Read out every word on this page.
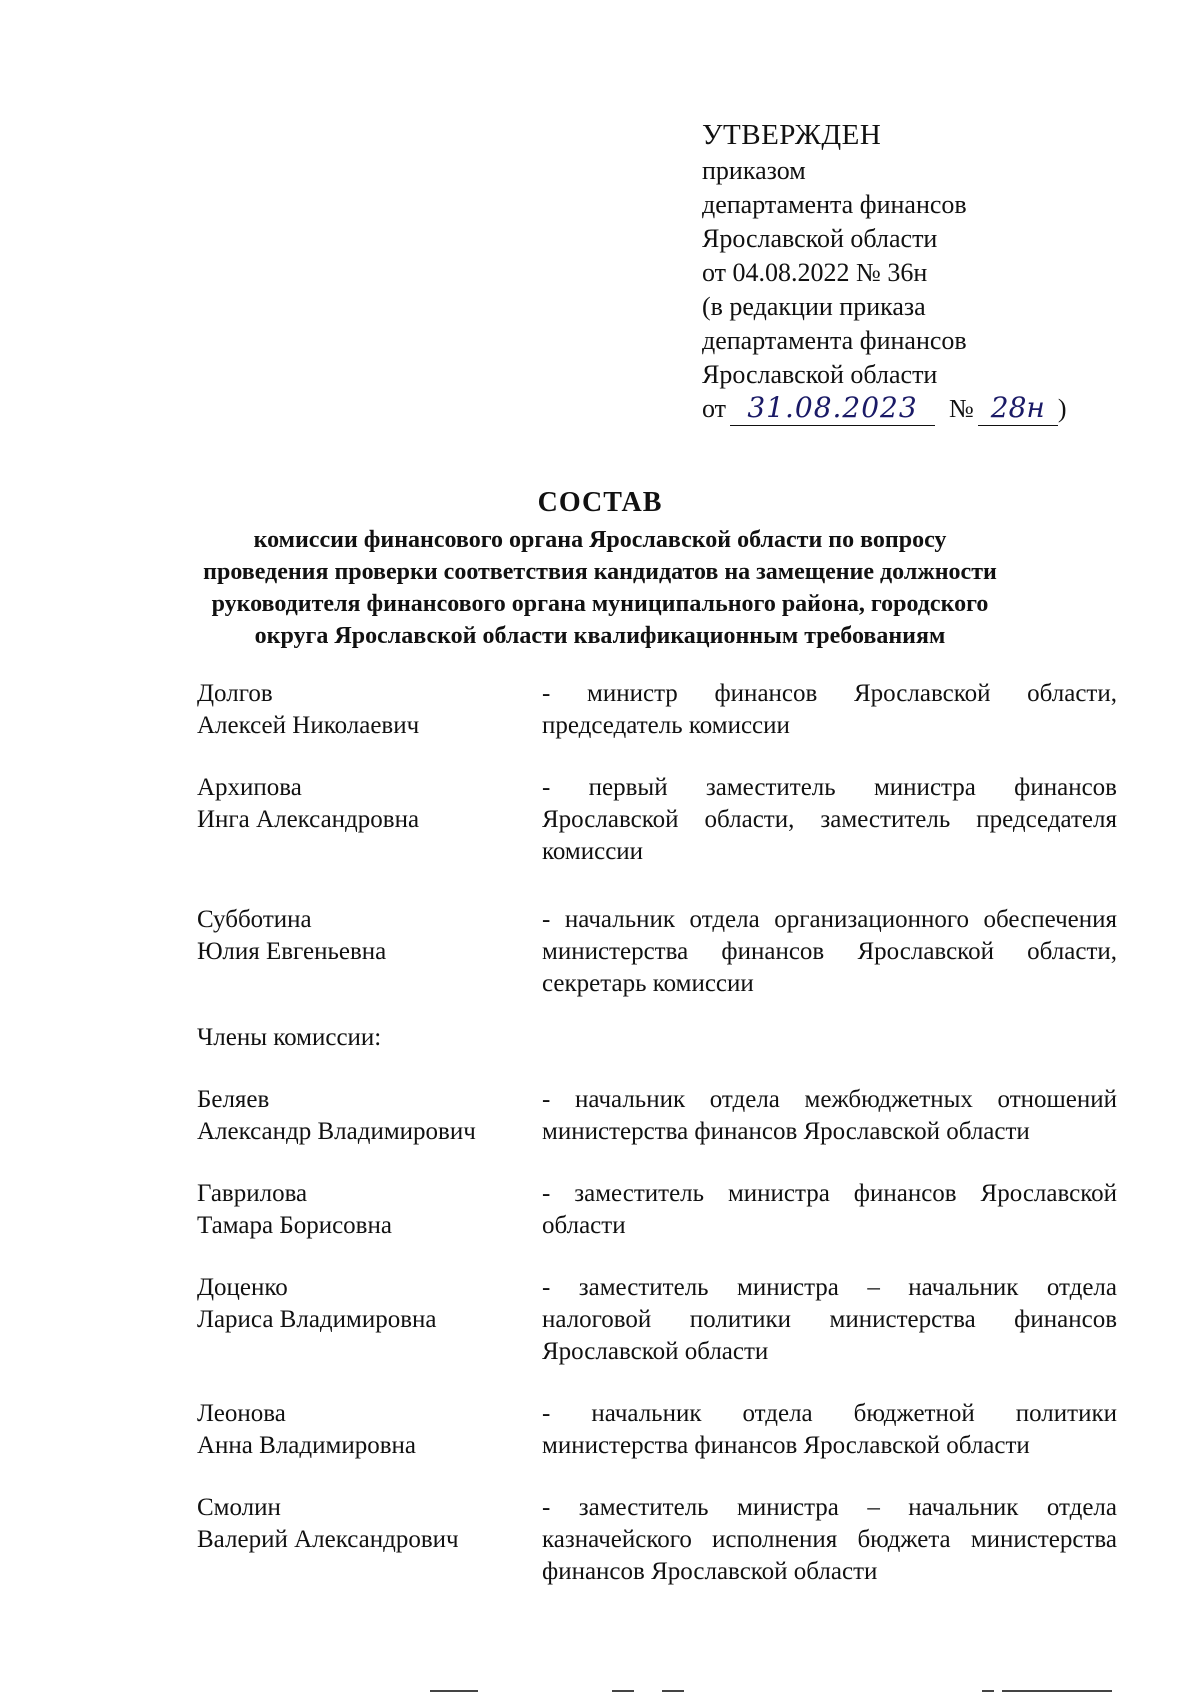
УТВЕРЖДЕН
приказом
департамента финансов
Ярославской области
от 04.08.2022 № 36н
(в редакции приказа
департамента финансов
Ярославской области
от 31.08.2023	№ 28н )
СОСТАВ
комиссии финансового органа Ярославской области по вопросу
проведения проверки соответствия кандидатов на замещение должности
руководителя финансового органа муниципального района, городского
округа Ярославской области квалификационным требованиям
Долгов
Алексей Николаевич
- министр финансов Ярославской области, председатель комиссии
Архипова
Инга Александровна
- первый заместитель министра финансов Ярославской области, заместитель председателя комиссии
Субботина
Юлия Евгеньевна
- начальник отдела организационного обеспечения министерства финансов Ярославской области, секретарь комиссии
Члены комиссии:
Беляев
Александр Владимирович
- начальник отдела межбюджетных отношений министерства финансов Ярославской области
Гаврилова
Тамара Борисовна
- заместитель министра финансов Ярославской области
Доценко
Лариса Владимировна
- заместитель министра – начальник отдела налоговой политики министерства финансов Ярославской области
Леонова
Анна Владимировна
- начальник отдела бюджетной политики министерства финансов Ярославской области
Смолин
Валерий Александрович
- заместитель министра – начальник отдела казначейского исполнения бюджета министерства финансов Ярославской области
